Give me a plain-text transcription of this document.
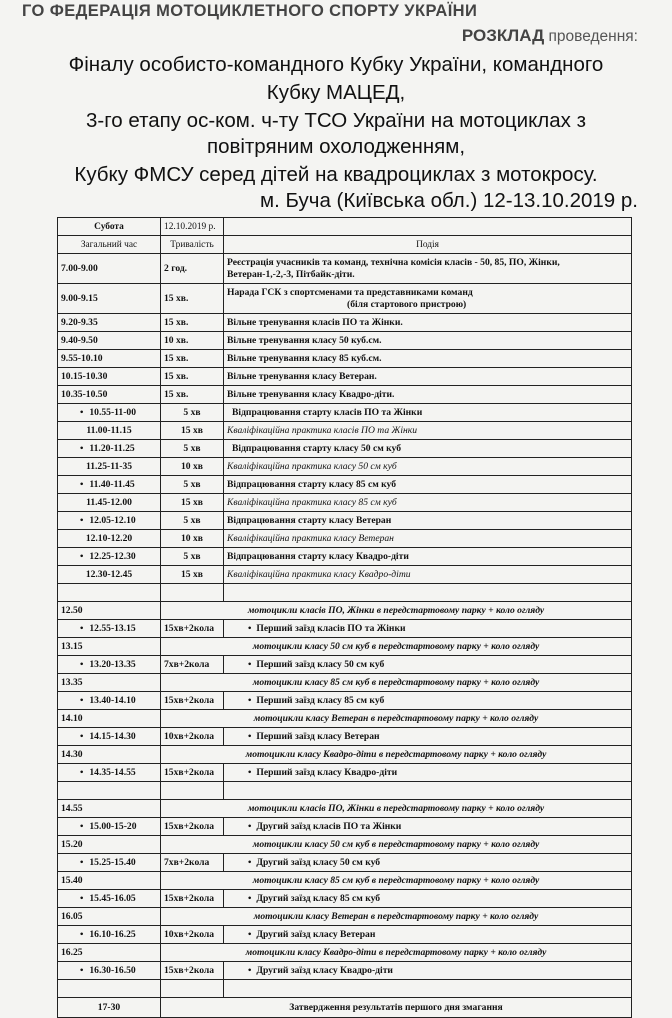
ГО ФЕДЕРАЦІЯ МОТОЦИКЛЕТНОГО СПОРТУ УКРАЇНИ
РОЗКЛАД проведення:
Фіналу особисто-командного Кубку України, командного
Кубку МАЦЕД,
3-го етапу ос-ком. ч-ту ТСО України на мотоциклах з
повітряним охолодженням,
Кубку ФМСУ серед дітей на квадроциклах з мотокросу.
м. Буча (Київська обл.) 12-13.10.2019 р.
Субота	12.10.2019 р.	
Загальний час	Тривалість	Подія
7.00-9.00	2 год.	Реєстрація учасників та команд, технічна комісія класів - 50, 85, ПО, Жінки,
Ветеран-1,-2,-3, Пітбайк-діти.

9.00-9.15	15 хв.	Нарада ГСК з спортсменами та представниками команд
(біля стартового пристрою)

9.20-9.35	15 хв.	Вільне тренування класів ПО та Жінки.
9.40-9.50	10 хв.	Вільне тренування класу 50 куб.см.
9.55-10.10	15 хв.	Вільне тренування класу 85 куб.см.
10.15-10.30	15 хв.	Вільне тренування класу Ветеран.
10.35-10.50	15 хв.	Вільне тренування класу Квадро-діти.
• 10.55-11-00	5 хв	Відпрацювання старту класів ПО та Жінки
11.00-11.15	15 хв	Кваліфікаційна практика класів ПО та Жінки
• 11.20-11.25	5 хв	Відпрацювання старту класу 50 см куб
11.25-11-35	10 хв	Кваліфікаційна практика класу 50 см куб
• 11.40-11.45	5 хв	Відпрацювання старту класу 85 см куб
11.45-12.00	15 хв	Кваліфікаційна практика класу 85 см куб
• 12.05-12.10	5 хв	Відпрацювання старту класу Ветеран
12.10-12.20	10 хв	Кваліфікаційна практика класу Ветеран
• 12.25-12.30	5 хв	Відпрацювання старту класу Квадро-діти
12.30-12.45	15 хв	Кваліфікаційна практика класу Квадро-діти

12.50	мотоцикли класів ПО, Жінки в передстартовому парку + коло огляду	
• 12.55-13.15	15хв+2кола	• Перший заїзд класів ПО та Жінки
13.15	мотоцикли класу 50 см куб в передстартовому парку + коло огляду	
• 13.20-13.35	7хв+2кола	• Перший заїзд класу 50 см куб
13.35	мотоцикли класу 85 см куб в передстартовому парку + коло огляду	
• 13.40-14.10	15хв+2кола	• Перший заїзд класу 85 см куб
14.10	мотоцикли класу Ветеран в передстартовому парку + коло огляду	
• 14.15-14.30	10хв+2кола	• Перший заїзд класу Ветеран
14.30	мотоцикли класу Квадро-діти в передстартовому парку + коло огляду	
• 14.35-14.55	15хв+2кола	• Перший заїзд класу Квадро-діти

14.55	мотоцикли класів ПО, Жінки в передстартовому парку + коло огляду	
• 15.00-15-20	15хв+2кола	• Другий заїзд класів ПО та Жінки
15.20	мотоцикли класу 50 см куб в передстартовому парку + коло огляду	
• 15.25-15.40	7хв+2кола	• Другий заїзд класу 50 см куб
15.40	мотоцикли класу 85 см куб в передстартовому парку + коло огляду	
• 15.45-16.05	15хв+2кола	• Другий заїзд класу 85 см куб
16.05	мотоцикли класу Ветеран в передстартовому парку + коло огляду	
• 16.10-16.25	10хв+2кола	• Другий заїзд класу Ветеран
16.25	мотоцикли класу Квадро-діти в передстартовому парку + коло огляду	
• 16.30-16.50	15хв+2кола	• Другий заїзд класу Квадро-діти

17-30	Затвердження результатів першого дня змагання	
